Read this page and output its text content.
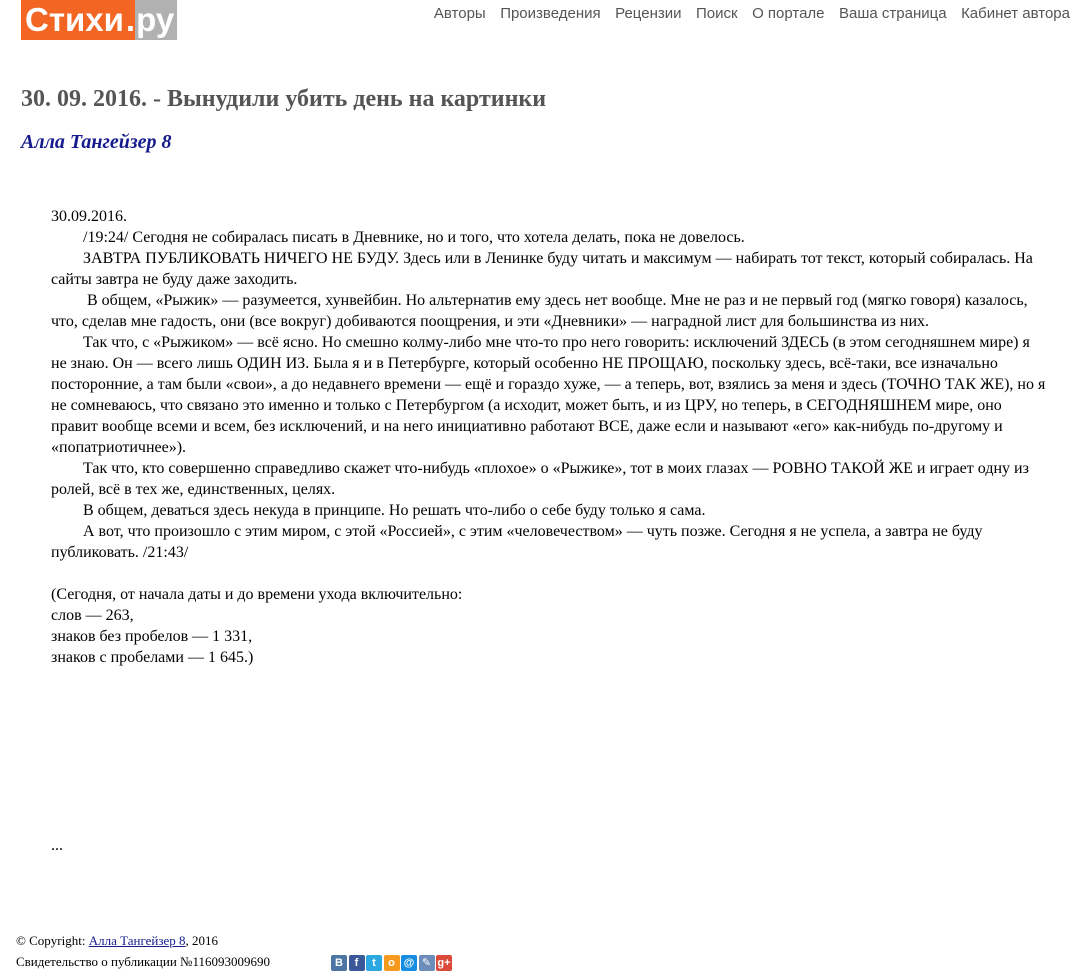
Стихи . ру	Авторы Произведения Рецензии Поиск О портале Ваша страница Кабинет автора
30. 09. 2016. - Вынудили убить день на картинки
Алла Тангейзер 8

30.09.2016.

/19:24/ Сегодня не собиралась писать в Дневнике, но и того, что хотела делать, пока не довелось.

ЗАВТРА ПУБЛИКОВАТЬ НИЧЕГО НЕ БУДУ. Здесь или в Ленинке буду читать и максимум — набирать тот текст, который собиралась. На сайты завтра не буду даже заходить.

В общем, «Рыжик» — разумеется, хунвейбин. Но альтернатив ему здесь нет вообще. Мне не раз и не первый год (мягко говоря) казалось, что, сделав мне гадость, они (все вокруг) добиваются поощрения, и эти «Дневники» — наградной лист для большинства из них.

Так что, с «Рыжиком» — всё ясно. Но смешно колму-либо мне что-то про него говорить: исключений ЗДЕСЬ (в этом сегодняшнем мире) я не знаю. Он — всего лишь ОДИН ИЗ. Была я и в Петербурге, который особенно НЕ ПРОЩАЮ, поскольку здесь, всё-таки, все изначально посторонние, а там были «свои», а до недавнего времени — ещё и гораздо хуже, — а теперь, вот, взялись за меня и здесь (ТОЧНО ТАК ЖЕ), но я не сомневаюсь, что связано это именно и только с Петербургом (а исходит, может быть, и из ЦРУ, но теперь, в СЕГОДНЯШНЕМ мире, оно правит вообще всеми и всем, без исключений, и на него инициативно работают ВСЕ, даже если и называют «его» как-нибудь по-другому и «попатриотичнее»).

Так что, кто совершенно справедливо скажет что-нибудь «плохое» о «Рыжике», тот в моих глазах — РОВНО ТАКОЙ ЖЕ и играет одну из ролей, всё в тех же, единственных, целях.

В общем, деваться здесь некуда в принципе. Но решать что-либо о себе буду только я сама.

А вот, что произошло с этим миром, с этой «Россией», с этим «человечеством» — чуть позже. Сегодня я не успела, а завтра не буду публиковать. /21:43/

(Сегодня, от начала даты и до времени ухода включительно:

слов — 263,

знаков без пробелов — 1 331,

знаков с пробелами — 1 645.)

...
© Copyright: Алла Тангейзер 8, 2016
Свидетельство о публикации №116093009690	В	f	t	о @ ✎ g+
